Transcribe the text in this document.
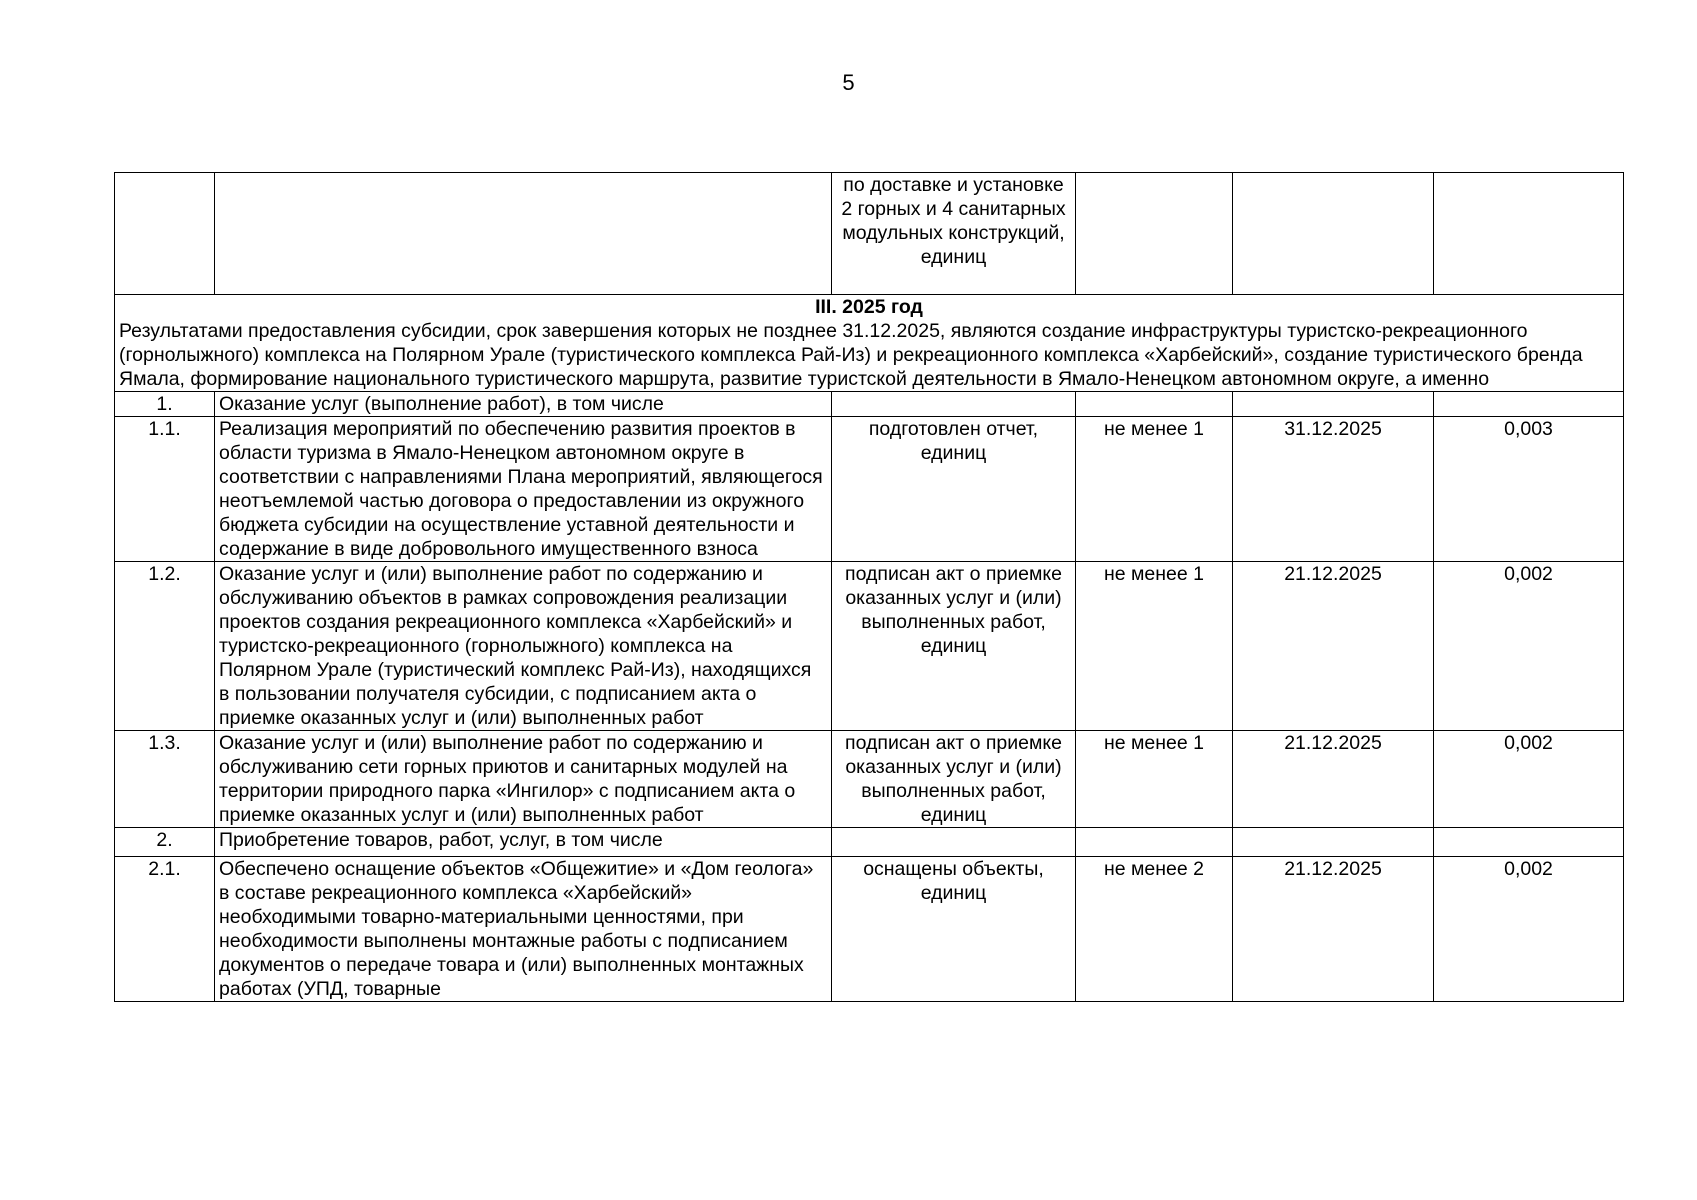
5
		по доставке и установке 2 горных и 4 санитарных модульных конструкций, единиц			

III. 2025 год
Результатами предоставления субсидии, срок завершения которых не позднее 31.12.2025, являются создание инфраструктуры туристско-рекреационного (горнолыжного) комплекса на Полярном Урале (туристического комплекса Рай-Из) и рекреационного комплекса «Харбейский», создание туристического бренда Ямала, формирование национального туристического маршрута, развитие туристской деятельности в Ямало-Ненецком автономном округе, а именно					

1.	Оказание услуг (выполнение работ), в том числе				
1.1.	Реализация мероприятий по обеспечению развития проектов в области туризма в Ямало-Ненецком автономном округе в соответствии с направлениями Плана мероприятий, являющегося неотъемлемой частью договора о предоставлении из окружного бюджета субсидии на осуществление уставной деятельности и содержание в виде добровольного имущественного взноса	подготовлен отчет, единиц	не менее 1	31.12.2025	0,003
1.2.	Оказание услуг и (или) выполнение работ по содержанию и обслуживанию объектов в рамках сопровождения реализации проектов создания рекреационного комплекса «Харбейский» и туристско-рекреационного (горнолыжного) комплекса на Полярном Урале (туристический комплекс Рай-Из), находящихся в пользовании получателя субсидии, с подписанием акта о приемке оказанных услуг и (или) выполненных работ	подписан акт о приемке оказанных услуг и (или) выполненных работ, единиц	не менее 1	21.12.2025	0,002
1.3.	Оказание услуг и (или) выполнение работ по содержанию и обслуживанию сети горных приютов и санитарных модулей на территории природного парка «Ингилор» с подписанием акта о приемке оказанных услуг и (или) выполненных работ	подписан акт о приемке оказанных услуг и (или) выполненных работ, единиц	не менее 1	21.12.2025	0,002
2.	Приобретение товаров, работ, услуг, в том числе				
2.1.	Обеспечено оснащение объектов «Общежитие» и «Дом геолога» в составе рекреационного комплекса «Харбейский» необходимыми товарно-материальными ценностями, при необходимости выполнены монтажные работы с подписанием документов о передаче товара и (или) выполненных монтажных работах (УПД, товарные	оснащены объекты, единиц	не менее 2	21.12.2025	0,002
